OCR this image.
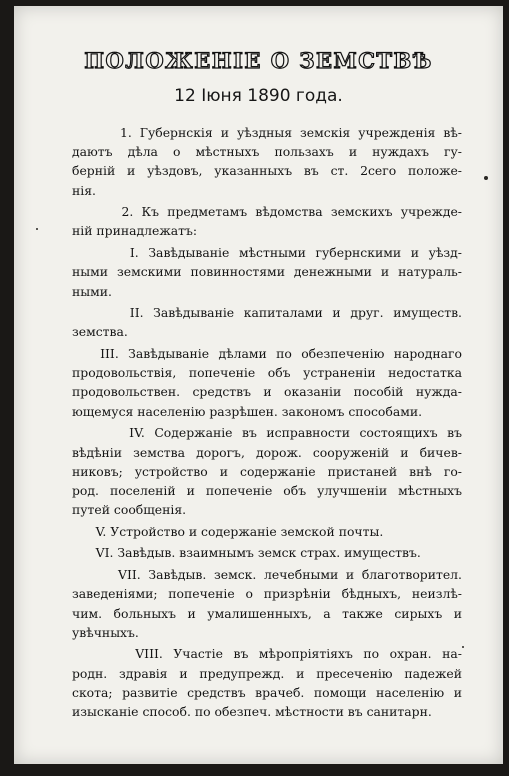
ПОЛОЖЕНІЕ О ЗЕМСТВѢ
12 Іюня 1890 года.
1. Губернскія и уѣздныя земскія учрежденія вѣ-
даютъ дѣла о мѣстныхъ пользахъ и нуждахъ гу-
берній и уѣздовъ, указанныхъ въ ст. 2сего положе-
нія.
2. Къ предметамъ вѣдомства земскихъ учрежде-
ній принадлежатъ:
І. Завѣдываніе мѣстными губернскими и уѣзд-
ными земскими повинностями денежными и натураль-
ными.
ІІ. Завѣдываніе капиталами и друг. имуществ.
земства.
ІІІ. Завѣдываніе дѣлами по обезпеченію народнаго
продовольствія, попеченіе объ устраненіи недостатка
продовольствен. средствъ и оказаніи пособій нужда-
ющемуся населенію разрѣшен. закономъ способами.
ІV. Содержаніе въ исправности состоящихъ въ
вѣдѣніи земства дорогъ, дорож. сооруженій и бичев-
никовъ; устройство и содержаніе пристаней внѣ го-
род. поселеній и попеченіе объ улучшеніи мѣстныхъ
путей сообщенія.
V. Устройство и содержаніе земской почты.
VІ. Завѣдыв. взаимнымъ земск страх. имуществъ.
VІІ. Завѣдыв. земск. лечебными и благотворител.
заведеніями; попеченіе о призрѣніи бѣдныхъ, неизлѣ-
чим. больныхъ и умалишенныхъ, а также сирыхъ и
увѣчныхъ.
VІІІ. Участіе въ мѣропріятіяхъ по охран. на-
родн. здравія и предупрежд. и пресеченію падежей
скота; развитіе средствъ врачеб. помощи населенію и
изысканіе способ. по обезпеч. мѣстности въ санитарн.
